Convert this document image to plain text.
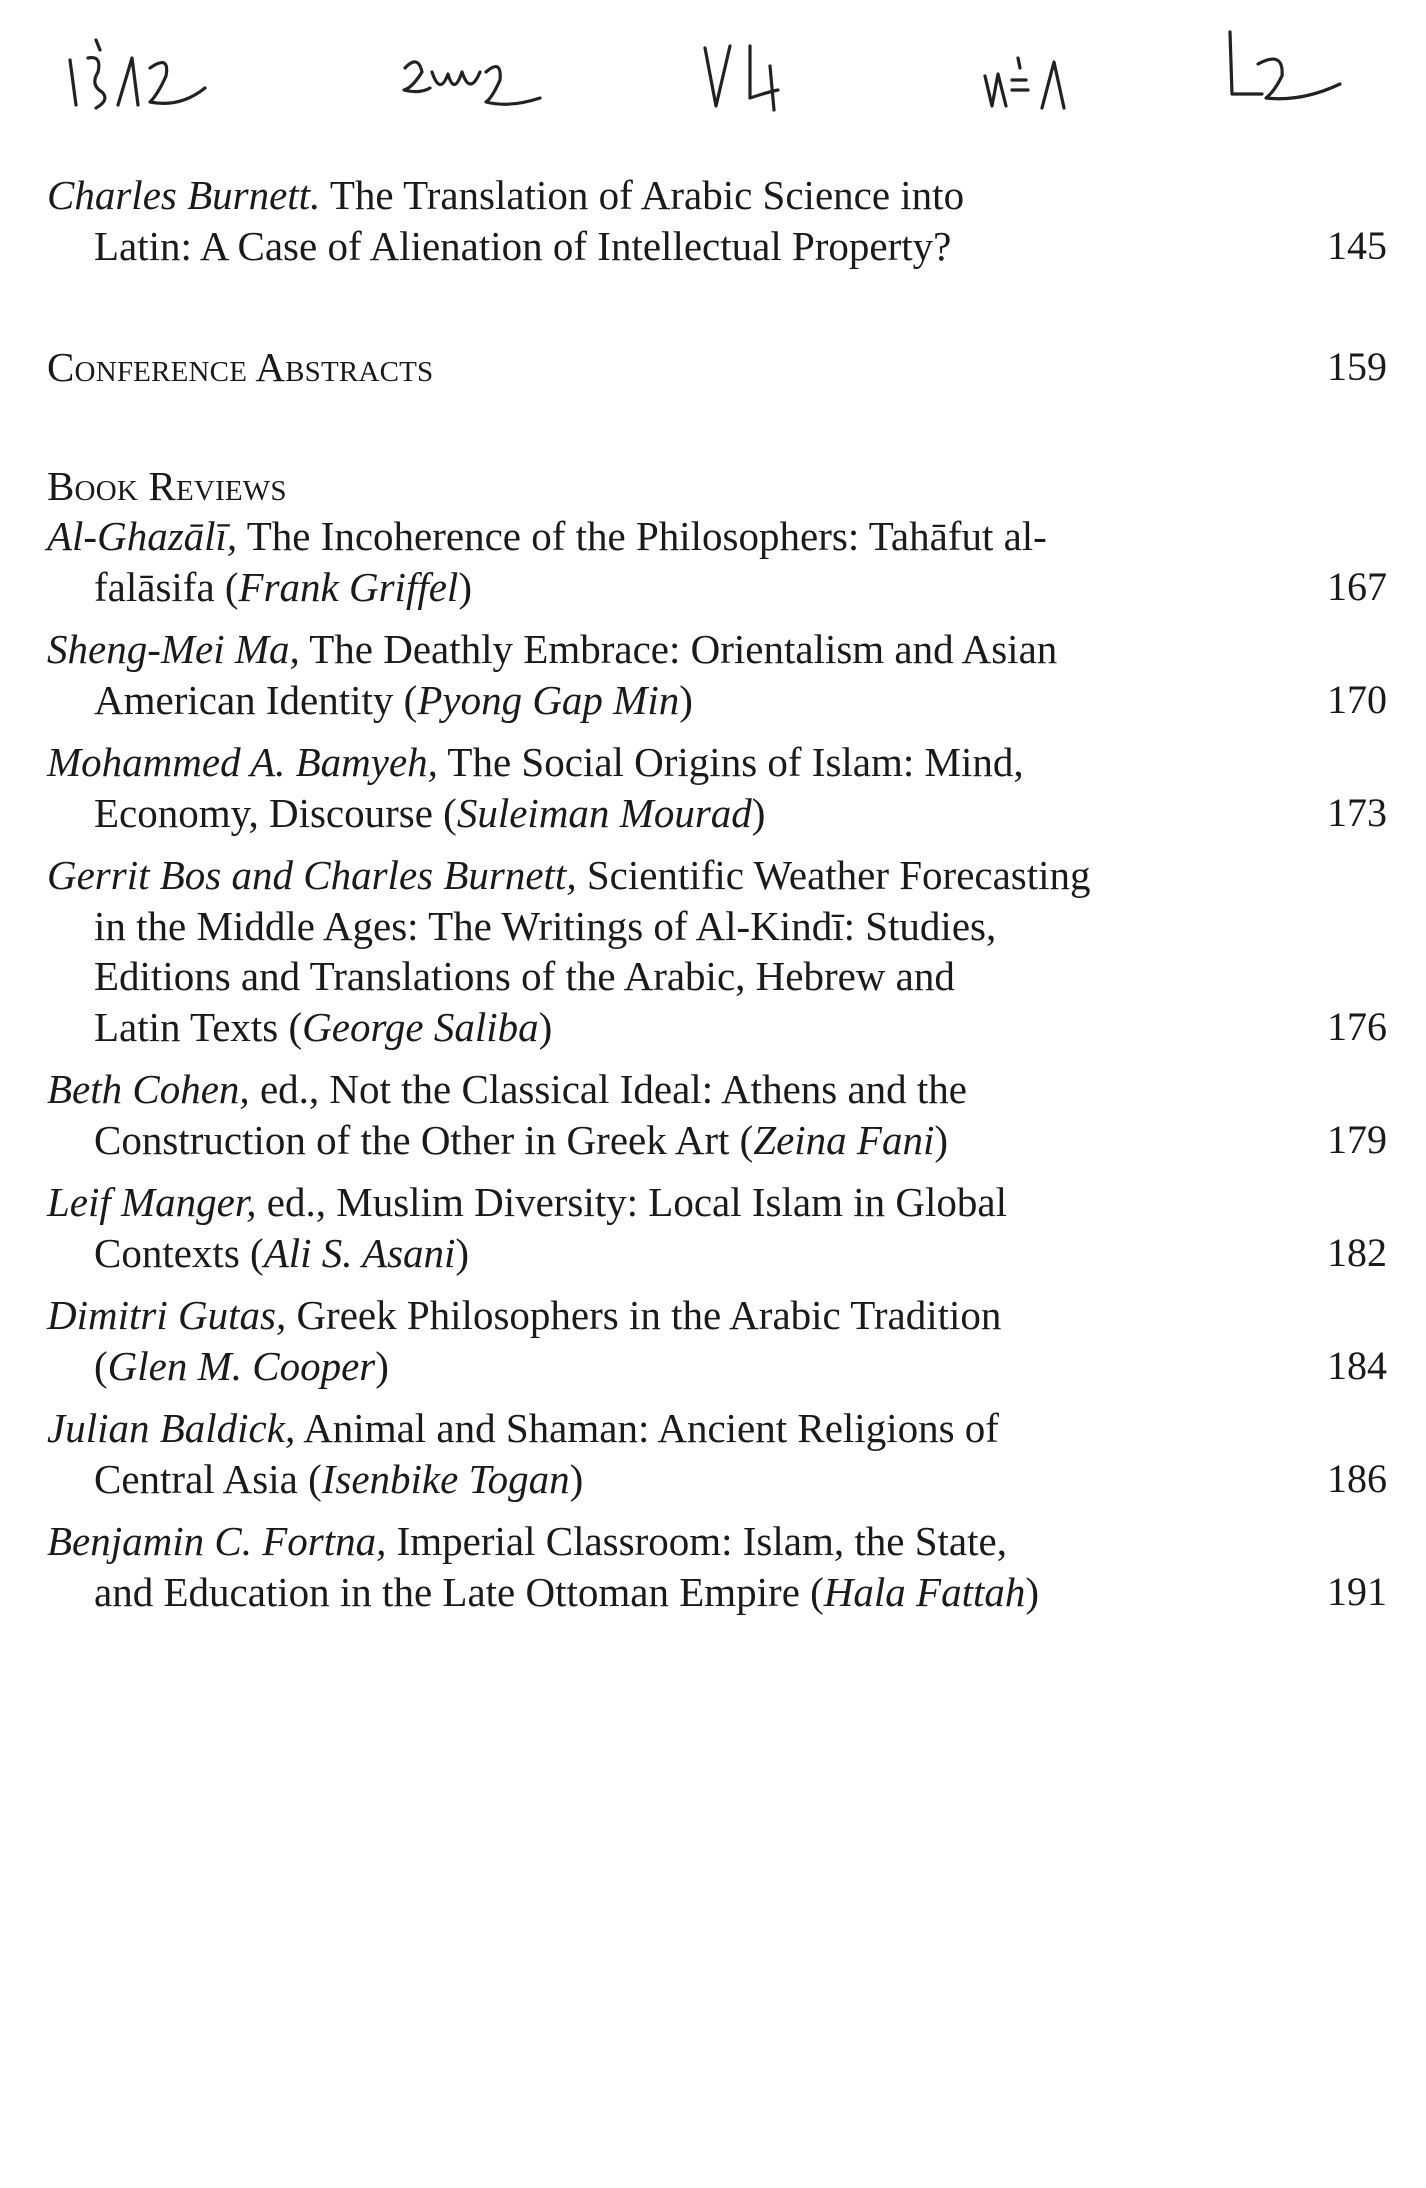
Charles Burnett. The Translation of Arabic Science into
Latin: A Case of Alienation of Intellectual Property?	145
Conference Abstracts	159
Book Reviews
Al-Ghazālī, The Incoherence of the Philosophers: Tahāfut al-
falāsifa (Frank Griffel)	167
Sheng-Mei Ma, The Deathly Embrace: Orientalism and Asian
American Identity (Pyong Gap Min)	170
Mohammed A. Bamyeh, The Social Origins of Islam: Mind,
Economy, Discourse (Suleiman Mourad)	173
Gerrit Bos and Charles Burnett, Scientific Weather Forecasting
in the Middle Ages: The Writings of Al-Kindī: Studies,
Editions and Translations of the Arabic, Hebrew and
Latin Texts (George Saliba)	176
Beth Cohen, ed., Not the Classical Ideal: Athens and the
Construction of the Other in Greek Art (Zeina Fani)	179
Leif Manger, ed., Muslim Diversity: Local Islam in Global
Contexts (Ali S. Asani)	182
Dimitri Gutas, Greek Philosophers in the Arabic Tradition
(Glen M. Cooper)	184
Julian Baldick, Animal and Shaman: Ancient Religions of
Central Asia (Isenbike Togan)	186
Benjamin C. Fortna, Imperial Classroom: Islam, the State,
and Education in the Late Ottoman Empire (Hala Fattah)	191
